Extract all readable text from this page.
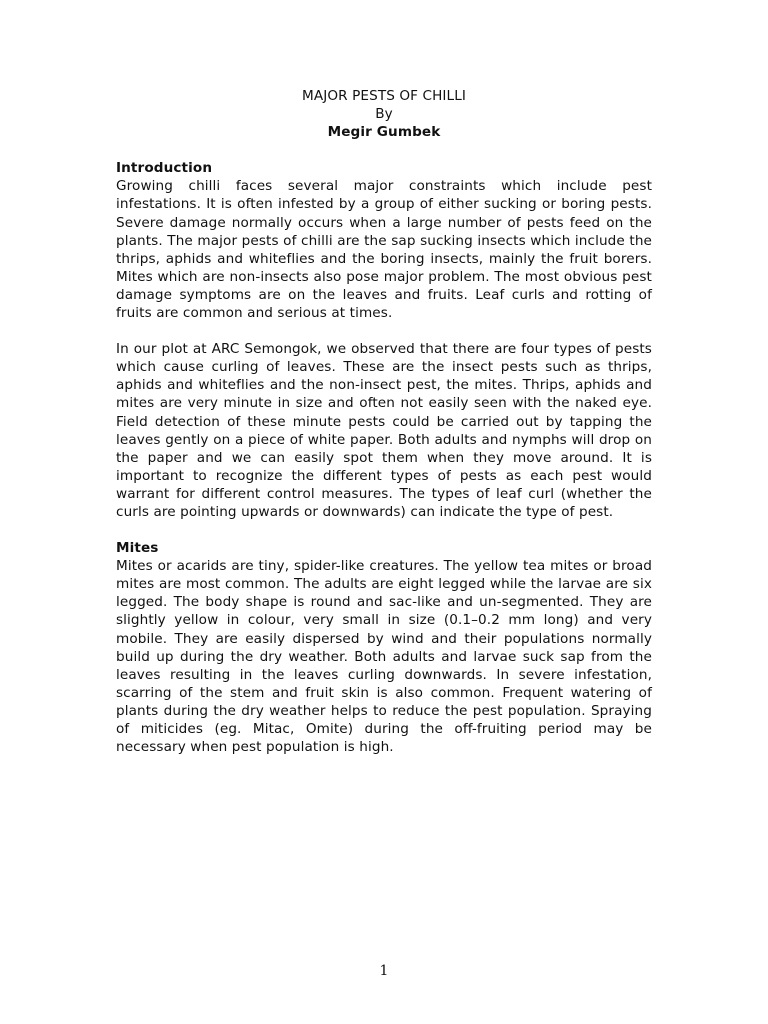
MAJOR PESTS OF CHILLI
By
Megir Gumbek
Introduction

Growing chilli faces several major constraints which include pest infestations. It is often infested by a group of either sucking or boring pests. Severe damage normally occurs when a large number of pests feed on the plants. The major pests of chilli are the sap sucking insects which include the thrips, aphids and whiteflies and the boring insects, mainly the fruit borers. Mites which are non-insects also pose major problem. The most obvious pest damage symptoms are on the leaves and fruits. Leaf curls and rotting of fruits are common and serious at times.

In our plot at ARC Semongok, we observed that there are four types of pests which cause curling of leaves. These are the insect pests such as thrips, aphids and whiteflies and the non-insect pest, the mites. Thrips, aphids and mites are very minute in size and often not easily seen with the naked eye. Field detection of these minute pests could be carried out by tapping the leaves gently on a piece of white paper. Both adults and nymphs will drop on the paper and we can easily spot them when they move around. It is important to recognize the different types of pests as each pest would warrant for different control measures. The types of leaf curl (whether the curls are pointing upwards or downwards) can indicate the type of pest.

Mites

Mites or acarids are tiny, spider-like creatures. The yellow tea mites or broad mites are most common. The adults are eight legged while the larvae are six legged. The body shape is round and sac-like and un-segmented. They are slightly yellow in colour, very small in size (0.1–0.2 mm long) and very mobile. They are easily dispersed by wind and their populations normally build up during the dry weather. Both adults and larvae suck sap from the leaves resulting in the leaves curling downwards. In severe infestation, scarring of the stem and fruit skin is also common. Frequent watering of plants during the dry weather helps to reduce the pest population. Spraying of miticides (eg. Mitac, Omite) during the off-fruiting period may be necessary when pest population is high.

1
